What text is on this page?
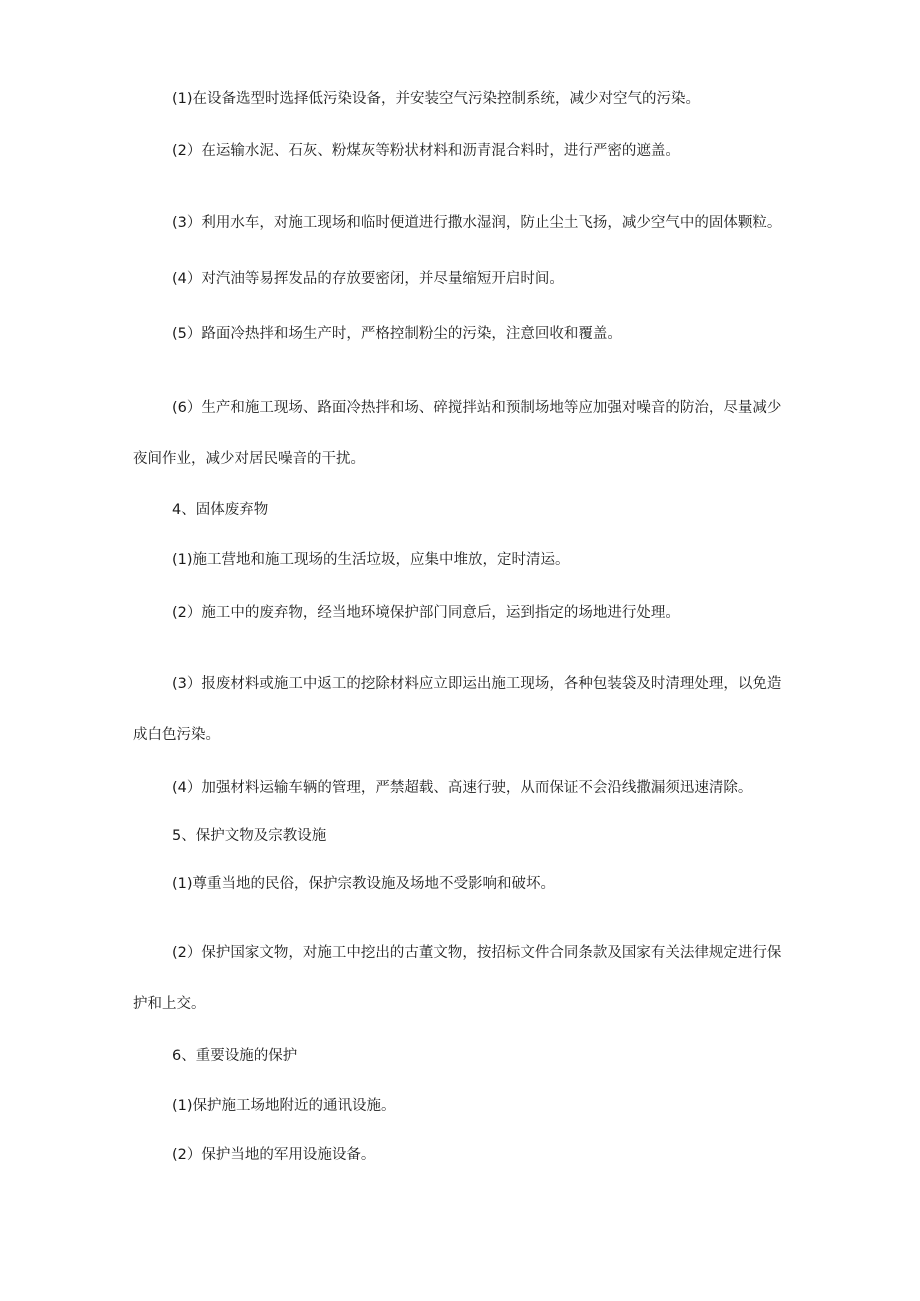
(1)在设备选型时选择低污染设备，并安装空气污染控制系统，减少对空气的污染。
(2）在运输水泥、石灰、粉煤灰等粉状材料和沥青混合料时，进行严密的遮盖。
(3）利用水车，对施工现场和临时便道进行撒水湿润，防止尘土飞扬，减少空气中的固体颗粒。
(4）对汽油等易挥发品的存放要密闭，并尽量缩短开启时间。
(5）路面冷热拌和场生产时，严格控制粉尘的污染，注意回收和覆盖。
(6）生产和施工现场、路面冷热拌和场、碎搅拌站和预制场地等应加强对噪音的防治，尽量减少
夜间作业，减少对居民噪音的干扰。
4、固体废弃物
(1)施工营地和施工现场的生活垃圾，应集中堆放，定时清运。
(2）施工中的废弃物，经当地环境保护部门同意后，运到指定的场地进行处理。
(3）报废材料或施工中返工的挖除材料应立即运出施工现场，各种包装袋及时清理处理，以免造
成白色污染。
(4）加强材料运输车辆的管理，严禁超载、高速行驶，从而保证不会沿线撒漏须迅速清除。
5、保护文物及宗教设施
(1)尊重当地的民俗，保护宗教设施及场地不受影响和破坏。
(2）保护国家文物，对施工中挖出的古董文物，按招标文件合同条款及国家有关法律规定进行保
护和上交。
6、重要设施的保护
(1)保护施工场地附近的通讯设施。
(2）保护当地的军用设施设备。
